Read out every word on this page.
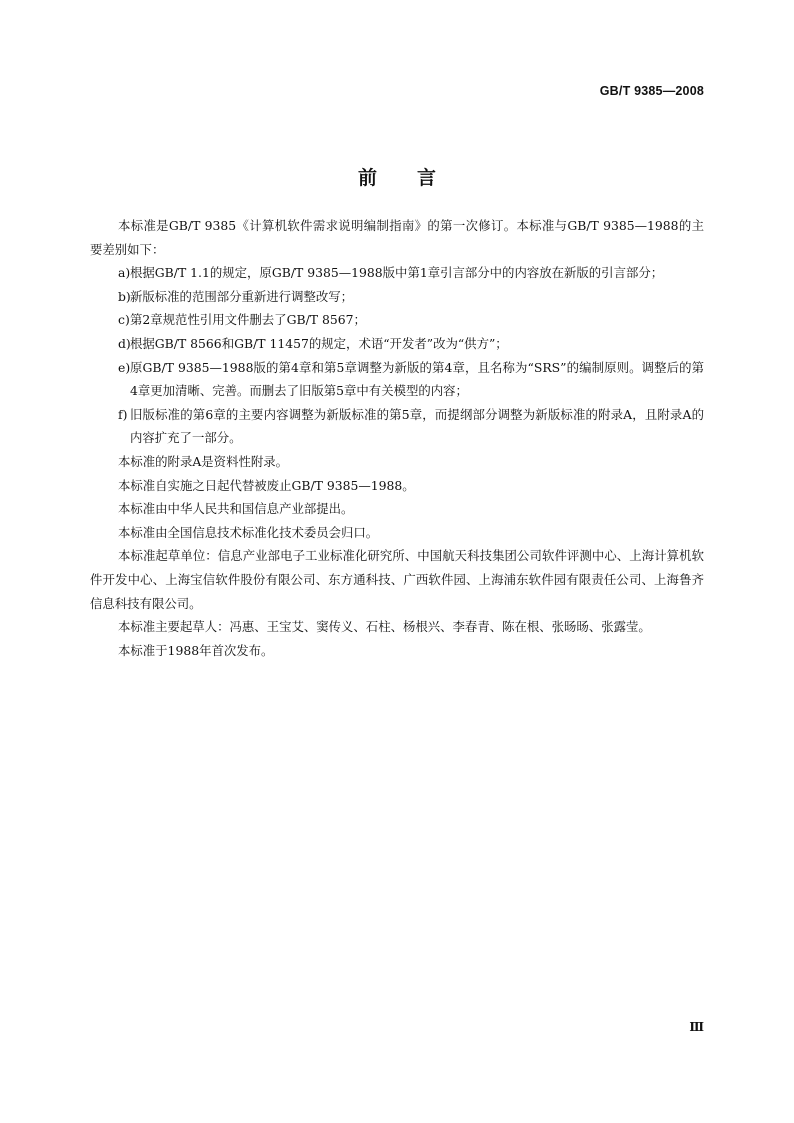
GB/T 9385—2008
前言

本标准是GB/T 9385《计算机软件需求说明编制指南》的第一次修订。本标准与GB/T 9385—1988的主要差别如下：

a) 根据GB/T 1.1的规定，原GB/T 9385—1988版中第1章引言部分中的内容放在新版的引言部分；
b) 新版标准的范围部分重新进行调整改写；
c) 第2章规范性引用文件删去了GB/T 8567；
d) 根据GB/T 8566和GB/T 11457的规定，术语“开发者”改为“供方”；
e) 原GB/T 9385—1988版的第4章和第5章调整为新版的第4章，且名称为“SRS”的编制原则。调整后的第4章更加清晰、完善。而删去了旧版第5章中有关模型的内容；
f) 旧版标准的第6章的主要内容调整为新版标准的第5章，而提纲部分调整为新版标准的附录A，且附录A的内容扩充了一部分。

本标准的附录A是资料性附录。

本标准自实施之日起代替被废止GB/T 9385—1988。

本标准由中华人民共和国信息产业部提出。

本标准由全国信息技术标准化技术委员会归口。

本标准起草单位：信息产业部电子工业标准化研究所、中国航天科技集团公司软件评测中心、上海计算机软件开发中心、上海宝信软件股份有限公司、东方通科技、广西软件园、上海浦东软件园有限责任公司、上海鲁齐信息科技有限公司。

本标准主要起草人：冯惠、王宝艾、窦传义、石柱、杨根兴、李春青、陈在根、张旸旸、张露莹。

本标准于1988年首次发布。

Ⅲ
